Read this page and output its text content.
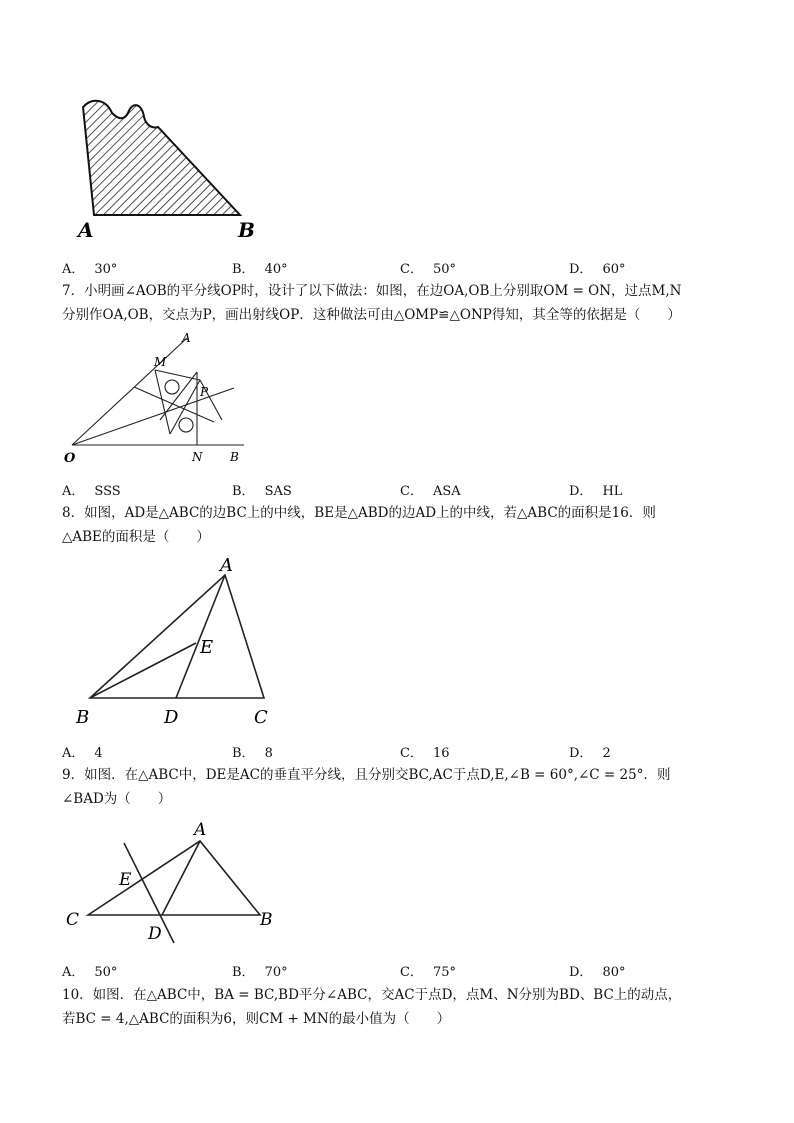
A	B
A． 30°	B． 40°	C． 50°	D． 60°
7．小明画∠AOB的平分线OP时，设计了以下做法：如图，在边OA,OB上分别取OM = ON，过点M,N
分别作OA,OB，交点为P，画出射线OP．这种做法可由△OMP≌△ONP得知，其全等的依据是（　　）
A
M
P
O	N B
A． SSS	B． SAS	C． ASA	D． HL
8．如图，AD是△ABC的边BC上的中线，BE是△ABD的边AD上的中线，若△ABC的面积是16．则
△ABE的面积是（　　）
A
E
B	D	C
A． 4	B． 8	C． 16	D． 2
9．如图．在△ABC中，DE是AC的垂直平分线，且分别交BC,AC于点D,E,∠B = 60°,∠C = 25°．则
∠BAD为（　　）
A
E
C
D
B
A． 50°	B． 70°	C． 75°	D． 80°
10．如图．在△ABC中，BA = BC,BD平分∠ABC，交AC于点D，点M、N分别为BD、BC上的动点，
若BC = 4,△ABC的面积为6，则CM + MN的最小值为（　　）
